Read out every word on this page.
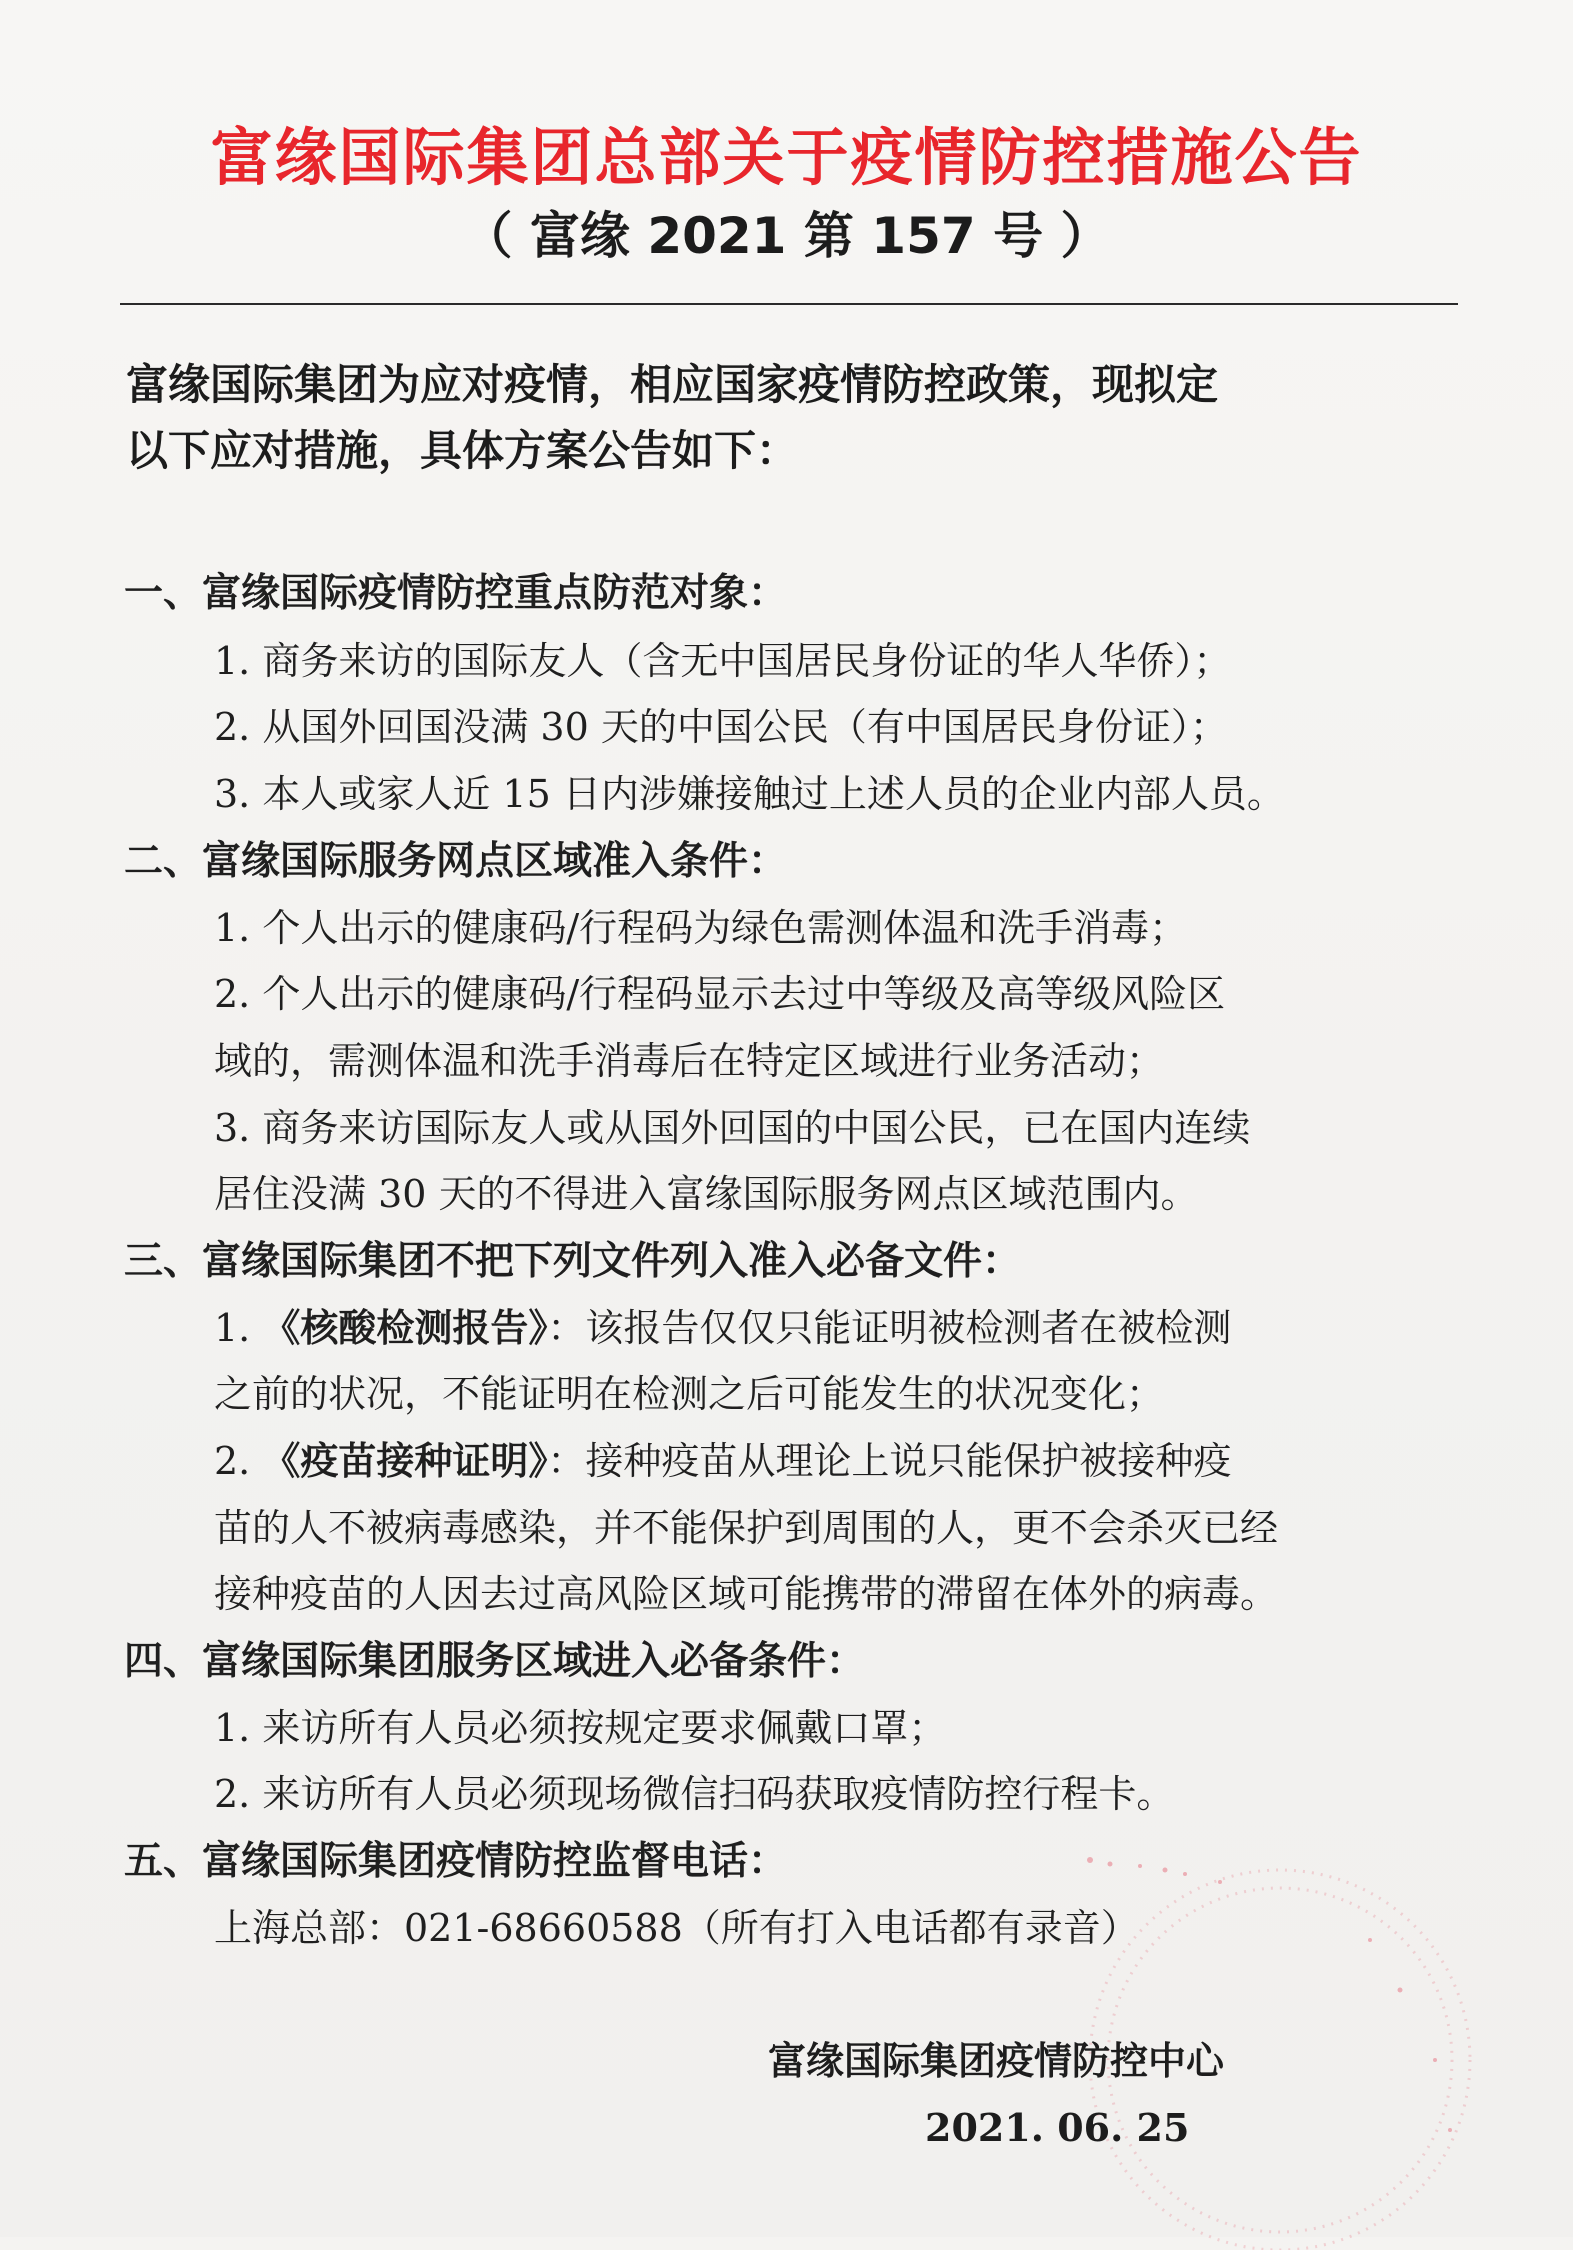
富缘国际集团总部关于疫情防控措施公告
（ 富缘 2021 第 157 号 ）
富缘国际集团为应对疫情，相应国家疫情防控政策，现拟定
以下应对措施，具体方案公告如下：
一、富缘国际疫情防控重点防范对象：
1. 商务来访的国际友人（含无中国居民身份证的华人华侨）；
2. 从国外回国没满 30 天的中国公民（有中国居民身份证）；
3. 本人或家人近 15 日内涉嫌接触过上述人员的企业内部人员。
二、富缘国际服务网点区域准入条件：
1. 个人出示的健康码/行程码为绿色需测体温和洗手消毒；
2. 个人出示的健康码/行程码显示去过中等级及高等级风险区
域的，需测体温和洗手消毒后在特定区域进行业务活动；
3. 商务来访国际友人或从国外回国的中国公民，已在国内连续
居住没满 30 天的不得进入富缘国际服务网点区域范围内。
三、富缘国际集团不把下列文件列入准入必备文件：
1. 《核酸检测报告》：该报告仅仅只能证明被检测者在被检测
之前的状况，不能证明在检测之后可能发生的状况变化；
2. 《疫苗接种证明》：接种疫苗从理论上说只能保护被接种疫
苗的人不被病毒感染，并不能保护到周围的人，更不会杀灭已经
接种疫苗的人因去过高风险区域可能携带的滞留在体外的病毒。
四、富缘国际集团服务区域进入必备条件：
1. 来访所有人员必须按规定要求佩戴口罩；
2. 来访所有人员必须现场微信扫码获取疫情防控行程卡。
五、富缘国际集团疫情防控监督电话：
上海总部：021-68660588（所有打入电话都有录音）
富缘国际集团疫情防控中心
2021. 06. 25
